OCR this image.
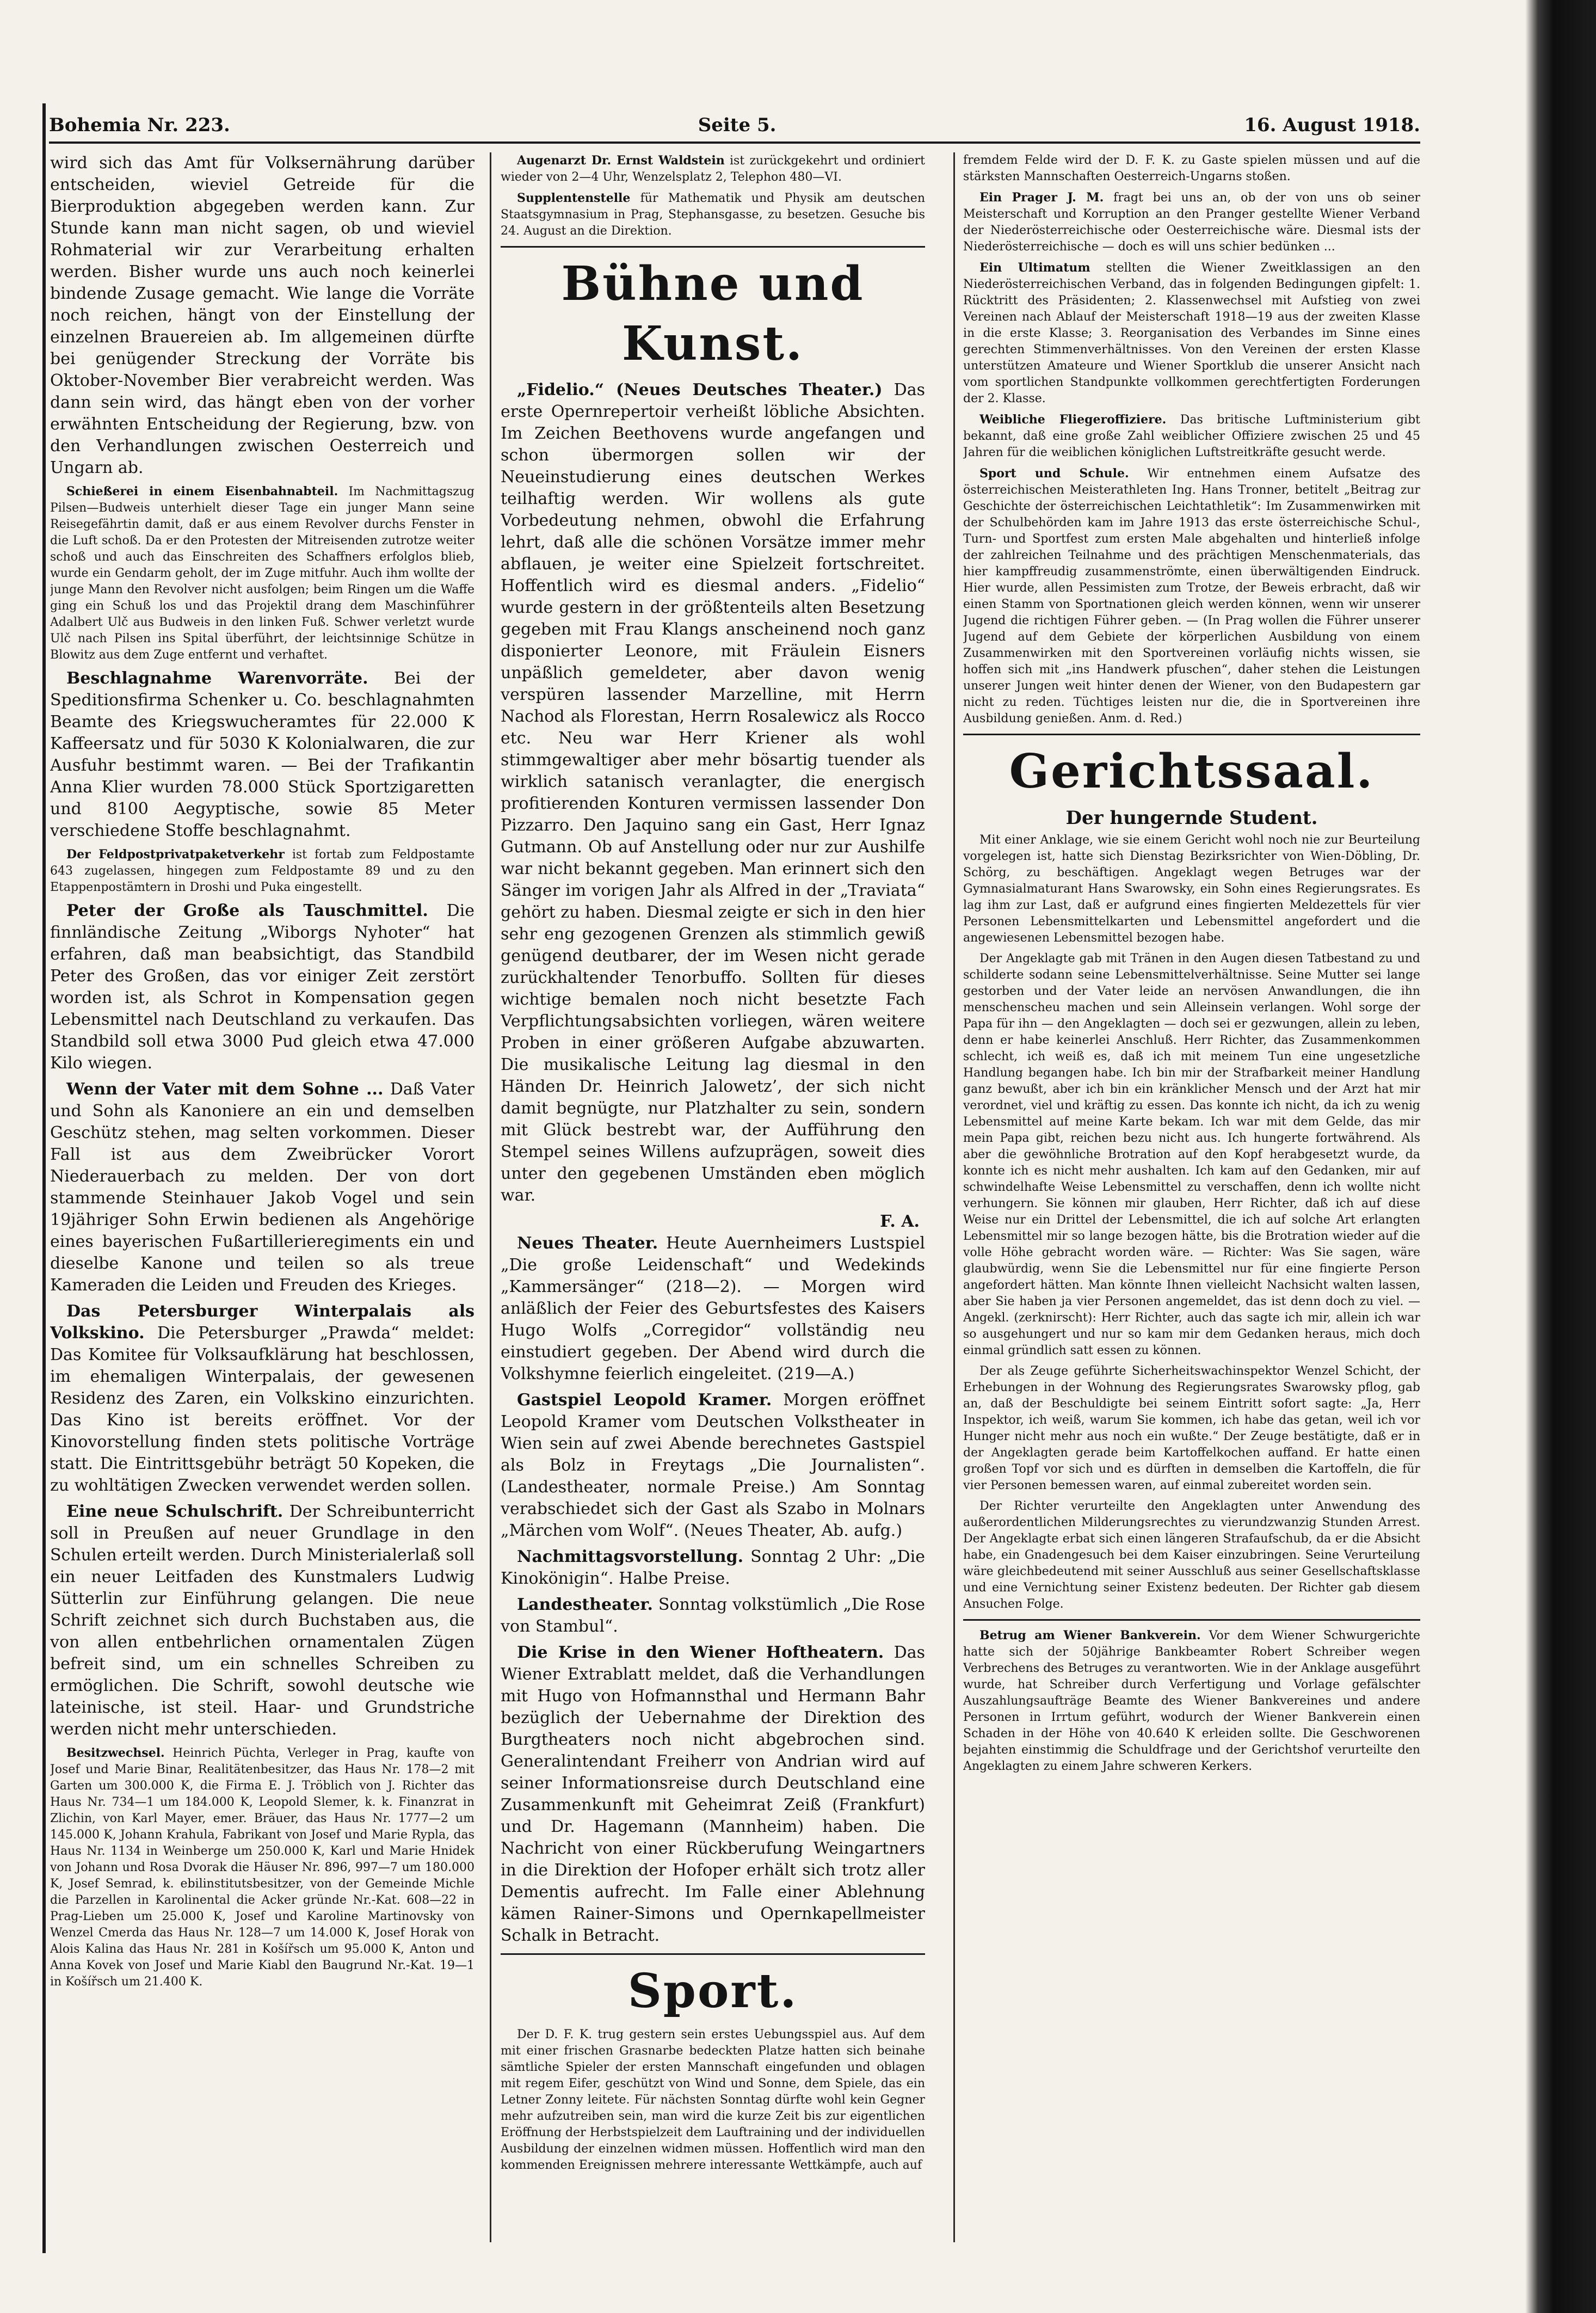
Bohemia Nr. 223.	Seite 5.	16. August 1918.

wird sich das Amt für Volksernährung darüber entscheiden, wieviel Getreide für die Bierproduktion abgegeben werden kann. Zur Stunde kann man nicht sagen, ob und wieviel Rohmaterial wir zur Verarbeitung erhalten werden. Bisher wurde uns auch noch keinerlei bindende Zusage gemacht. Wie lange die Vorräte noch reichen, hängt von der Einstellung der einzelnen Brauereien ab. Im allgemeinen dürfte bei genügender Streckung der Vorräte bis Oktober-November Bier verabreicht werden. Was dann sein wird, das hängt eben von der vorher erwähnten Entscheidung der Regierung, bzw. von den Verhandlungen zwischen Oesterreich und Ungarn ab.

Schießerei in einem Eisenbahnabteil. Im Nachmittagszug Pilsen—Budweis unterhielt dieser Tage ein junger Mann seine Reisegefährtin damit, daß er aus einem Revolver durchs Fenster in die Luft schoß. Da er den Protesten der Mitreisenden zutrotze weiter schoß und auch das Einschreiten des Schaffners erfolglos blieb, wurde ein Gendarm geholt, der im Zuge mitfuhr. Auch ihm wollte der junge Mann den Revolver nicht ausfolgen; beim Ringen um die Waffe ging ein Schuß los und das Projektil drang dem Maschinführer Adalbert Ulč aus Budweis in den linken Fuß. Schwer verletzt wurde Ulč nach Pilsen ins Spital überführt, der leichtsinnige Schütze in Blowitz aus dem Zuge entfernt und verhaftet.

Beschlagnahme Warenvorräte. Bei der Speditionsfirma Schenker u. Co. beschlagnahmten Beamte des Kriegswucheramtes für 22.000 K Kaffeersatz und für 5030 K Kolonialwaren, die zur Ausfuhr bestimmt waren. — Bei der Trafikantin Anna Klier wurden 78.000 Stück Sportzigaretten und 8100 Aegyptische, sowie 85 Meter verschiedene Stoffe beschlagnahmt.

Der Feldpostprivatpaketverkehr ist fortab zum Feldpostamte 643 zugelassen, hingegen zum Feldpostamte 89 und zu den Etappenpostämtern in Droshi und Puka eingestellt.

Peter der Große als Tauschmittel. Die finnländische Zeitung „Wiborgs Nyhoter“ hat erfahren, daß man beabsichtigt, das Standbild Peter des Großen, das vor einiger Zeit zerstört worden ist, als Schrot in Kompensation gegen Lebensmittel nach Deutschland zu verkaufen. Das Standbild soll etwa 3000 Pud gleich etwa 47.000 Kilo wiegen.

Wenn der Vater mit dem Sohne ... Daß Vater und Sohn als Kanoniere an ein und demselben Geschütz stehen, mag selten vorkommen. Dieser Fall ist aus dem Zweibrücker Vorort Niederauerbach zu melden. Der von dort stammende Steinhauer Jakob Vogel und sein 19jähriger Sohn Erwin bedienen als Angehörige eines bayerischen Fußartillerieregiments ein und dieselbe Kanone und teilen so als treue Kameraden die Leiden und Freuden des Krieges.

Das Petersburger Winterpalais als Volkskino. Die Petersburger „Prawda“ meldet: Das Komitee für Volksaufklärung hat beschlossen, im ehemaligen Winterpalais, der gewesenen Residenz des Zaren, ein Volkskino einzurichten. Das Kino ist bereits eröffnet. Vor der Kinovorstellung finden stets politische Vorträge statt. Die Eintrittsgebühr beträgt 50 Kopeken, die zu wohltätigen Zwecken verwendet werden sollen.

Eine neue Schulschrift. Der Schreibunterricht soll in Preußen auf neuer Grundlage in den Schulen erteilt werden. Durch Ministerialerlaß soll ein neuer Leitfaden des Kunstmalers Ludwig Sütterlin zur Einführung gelangen. Die neue Schrift zeichnet sich durch Buchstaben aus, die von allen entbehrlichen ornamentalen Zügen befreit sind, um ein schnelles Schreiben zu ermöglichen. Die Schrift, sowohl deutsche wie lateinische, ist steil. Haar- und Grundstriche werden nicht mehr unterschieden.

Besitzwechsel. Heinrich Püchta, Verleger in Prag, kaufte von Josef und Marie Binar, Realitätenbesitzer, das Haus Nr. 178—2 mit Garten um 300.000 K, die Firma E. J. Tröblich von J. Richter das Haus Nr. 734—1 um 184.000 K, Leopold Slemer, k. k. Finanzrat in Zlichin, von Karl Mayer, emer. Bräuer, das Haus Nr. 1777—2 um 145.000 K, Johann Krahula, Fabrikant von Josef und Marie Rypla, das Haus Nr. 1134 in Weinberge um 250.000 K, Karl und Marie Hnidek von Johann und Rosa Dvorak die Häuser Nr. 896, 997—7 um 180.000 K, Josef Semrad, k. ebilinstitutsbesitzer, von der Gemeinde Michle die Parzellen in Karolinental die Acker gründe Nr.-Kat. 608—22 in Prag-Lieben um 25.000 K, Josef und Karoline Martinovsky von Wenzel Cmerda das Haus Nr. 128—7 um 14.000 K, Josef Horak von Alois Kalina das Haus Nr. 281 in Košířsch um 95.000 K, Anton und Anna Kovek von Josef und Marie Kiabl den Baugrund Nr.-Kat. 19—1 in Košířsch um 21.400 K.

Augenarzt Dr. Ernst Waldstein ist zurückgekehrt und ordiniert wieder von 2—4 Uhr, Wenzelsplatz 2, Telephon 480—VI.

Supplentenstelle für Mathematik und Physik am deutschen Staatsgymnasium in Prag, Stephansgasse, zu besetzen. Gesuche bis 24. August an die Direktion.

Bühne und Kunst.

„Fidelio.“ (Neues Deutsches Theater.) Das erste Opernrepertoir verheißt löbliche Absichten. Im Zeichen Beethovens wurde angefangen und schon übermorgen sollen wir der Neueinstudierung eines deutschen Werkes teilhaftig werden. Wir wollens als gute Vorbedeutung nehmen, obwohl die Erfahrung lehrt, daß alle die schönen Vorsätze immer mehr abflauen, je weiter eine Spielzeit fortschreitet. Hoffentlich wird es diesmal anders. „Fidelio“ wurde gestern in der größtenteils alten Besetzung gegeben mit Frau Klangs anscheinend noch ganz disponierter Leonore, mit Fräulein Eisners unpäßlich gemeldeter, aber davon wenig verspüren lassender Marzelline, mit Herrn Nachod als Florestan, Herrn Rosalewicz als Rocco etc. Neu war Herr Kriener als wohl stimmgewaltiger aber mehr bösartig tuender als wirklich satanisch veranlagter, die energisch profitierenden Konturen vermissen lassender Don Pizzarro. Den Jaquino sang ein Gast, Herr Ignaz Gutmann. Ob auf Anstellung oder nur zur Aushilfe war nicht bekannt gegeben. Man erinnert sich den Sänger im vorigen Jahr als Alfred in der „Traviata“ gehört zu haben. Diesmal zeigte er sich in den hier sehr eng gezogenen Grenzen als stimmlich gewiß genügend deutbarer, der im Wesen nicht gerade zurückhaltender Tenorbuffo. Sollten für dieses wichtige bemalen noch nicht besetzte Fach Verpflichtungsabsichten vorliegen, wären weitere Proben in einer größeren Aufgabe abzuwarten. Die musikalische Leitung lag diesmal in den Händen Dr. Heinrich Jalowetz’, der sich nicht damit begnügte, nur Platzhalter zu sein, sondern mit Glück bestrebt war, der Aufführung den Stempel seines Willens aufzuprägen, soweit dies unter den gegebenen Umständen eben möglich war.

F. A.

Neues Theater. Heute Auernheimers Lustspiel „Die große Leidenschaft“ und Wedekinds „Kammersänger“ (218—2). — Morgen wird anläßlich der Feier des Geburtsfestes des Kaisers Hugo Wolfs „Corregidor“ vollständig neu einstudiert gegeben. Der Abend wird durch die Volkshymne feierlich eingeleitet. (219—A.)

Gastspiel Leopold Kramer. Morgen eröffnet Leopold Kramer vom Deutschen Volkstheater in Wien sein auf zwei Abende berechnetes Gastspiel als Bolz in Freytags „Die Journalisten“. (Landestheater, normale Preise.) Am Sonntag verabschiedet sich der Gast als Szabo in Molnars „Märchen vom Wolf“. (Neues Theater, Ab. aufg.)

Nachmittagsvorstellung. Sonntag 2 Uhr: „Die Kinokönigin“. Halbe Preise.

Landestheater. Sonntag volkstümlich „Die Rose von Stambul“.

Die Krise in den Wiener Hoftheatern. Das Wiener Extrablatt meldet, daß die Verhandlungen mit Hugo von Hofmannsthal und Hermann Bahr bezüglich der Uebernahme der Direktion des Burgtheaters noch nicht abgebrochen sind. Generalintendant Freiherr von Andrian wird auf seiner Informationsreise durch Deutschland eine Zusammenkunft mit Geheimrat Zeiß (Frankfurt) und Dr. Hagemann (Mannheim) haben. Die Nachricht von einer Rückberufung Weingartners in die Direktion der Hofoper erhält sich trotz aller Dementis aufrecht. Im Falle einer Ablehnung kämen Rainer-Simons und Opernkapellmeister Schalk in Betracht.

Sport.

Der D. F. K. trug gestern sein erstes Uebungsspiel aus. Auf dem mit einer frischen Grasnarbe bedeckten Platze hatten sich beinahe sämtliche Spieler der ersten Mannschaft eingefunden und oblagen mit regem Eifer, geschützt von Wind und Sonne, dem Spiele, das ein Letner Zonny leitete. Für nächsten Sonntag dürfte wohl kein Gegner mehr aufzutreiben sein, man wird die kurze Zeit bis zur eigentlichen Eröffnung der Herbstspielzeit dem Lauftraining und der individuellen Ausbildung der einzelnen widmen müssen. Hoffentlich wird man den kommenden Ereignissen mehrere interessante Wettkämpfe, auch auf

fremdem Felde wird der D. F. K. zu Gaste spielen müssen und auf die stärksten Mannschaften Oesterreich-Ungarns stoßen.

Ein Prager J. M. fragt bei uns an, ob der von uns ob seiner Meisterschaft und Korruption an den Pranger gestellte Wiener Verband der Niederösterreichische oder Oesterreichische wäre. Diesmal ists der Niederösterreichische — doch es will uns schier bedünken ...

Ein Ultimatum stellten die Wiener Zweitklassigen an den Niederösterreichischen Verband, das in folgenden Bedingungen gipfelt: 1. Rücktritt des Präsidenten; 2. Klassenwechsel mit Aufstieg von zwei Vereinen nach Ablauf der Meisterschaft 1918—19 aus der zweiten Klasse in die erste Klasse; 3. Reorganisation des Verbandes im Sinne eines gerechten Stimmenverhältnisses. Von den Vereinen der ersten Klasse unterstützen Amateure und Wiener Sportklub die unserer Ansicht nach vom sportlichen Standpunkte vollkommen gerechtfertigten Forderungen der 2. Klasse.

Weibliche Fliegeroffiziere. Das britische Luftministerium gibt bekannt, daß eine große Zahl weiblicher Offiziere zwischen 25 und 45 Jahren für die weiblichen königlichen Luftstreitkräfte gesucht werde.

Sport und Schule. Wir entnehmen einem Aufsatze des österreichischen Meisterathleten Ing. Hans Tronner, betitelt „Beitrag zur Geschichte der österreichischen Leichtathletik“: Im Zusammenwirken mit der Schulbehörden kam im Jahre 1913 das erste österreichische Schul-, Turn- und Sportfest zum ersten Male abgehalten und hinterließ infolge der zahlreichen Teilnahme und des prächtigen Menschenmaterials, das hier kampffreudig zusammenströmte, einen überwältigenden Eindruck. Hier wurde, allen Pessimisten zum Trotze, der Beweis erbracht, daß wir einen Stamm von Sportnationen gleich werden können, wenn wir unserer Jugend die richtigen Führer geben. — (In Prag wollen die Führer unserer Jugend auf dem Gebiete der körperlichen Ausbildung von einem Zusammenwirken mit den Sportvereinen vorläufig nichts wissen, sie hoffen sich mit „ins Handwerk pfuschen“, daher stehen die Leistungen unserer Jungen weit hinter denen der Wiener, von den Budapestern gar nicht zu reden. Tüchtiges leisten nur die, die in Sportvereinen ihre Ausbildung genießen. Anm. d. Red.)

Gerichtssaal.
Der hungernde Student.

Mit einer Anklage, wie sie einem Gericht wohl noch nie zur Beurteilung vorgelegen ist, hatte sich Dienstag Bezirksrichter von Wien-Döbling, Dr. Schörg, zu beschäftigen. Angeklagt wegen Betruges war der Gymnasialmaturant Hans Swarowsky, ein Sohn eines Regierungsrates. Es lag ihm zur Last, daß er aufgrund eines fingierten Meldezettels für vier Personen Lebensmittelkarten und Lebensmittel angefordert und die angewiesenen Lebensmittel bezogen habe.

Der Angeklagte gab mit Tränen in den Augen diesen Tatbestand zu und schilderte sodann seine Lebensmittelverhältnisse. Seine Mutter sei lange gestorben und der Vater leide an nervösen Anwandlungen, die ihn menschenscheu machen und sein Alleinsein verlangen. Wohl sorge der Papa für ihn — den Angeklagten — doch sei er gezwungen, allein zu leben, denn er habe keinerlei Anschluß. Herr Richter, das Zusammenkommen schlecht, ich weiß es, daß ich mit meinem Tun eine ungesetzliche Handlung begangen habe. Ich bin mir der Strafbarkeit meiner Handlung ganz bewußt, aber ich bin ein kränklicher Mensch und der Arzt hat mir verordnet, viel und kräftig zu essen. Das konnte ich nicht, da ich zu wenig Lebensmittel auf meine Karte bekam. Ich war mit dem Gelde, das mir mein Papa gibt, reichen bezu nicht aus. Ich hungerte fortwährend. Als aber die gewöhnliche Brotration auf den Kopf herabgesetzt wurde, da konnte ich es nicht mehr aushalten. Ich kam auf den Gedanken, mir auf schwindelhafte Weise Lebensmittel zu verschaffen, denn ich wollte nicht verhungern. Sie können mir glauben, Herr Richter, daß ich auf diese Weise nur ein Drittel der Lebensmittel, die ich auf solche Art erlangten Lebensmittel mir so lange bezogen hätte, bis die Brotration wieder auf die volle Höhe gebracht worden wäre. — Richter: Was Sie sagen, wäre glaubwürdig, wenn Sie die Lebensmittel nur für eine fingierte Person angefordert hätten. Man könnte Ihnen vielleicht Nachsicht walten lassen, aber Sie haben ja vier Personen angemeldet, das ist denn doch zu viel. — Angekl. (zerknirscht): Herr Richter, auch das sagte ich mir, allein ich war so ausgehungert und nur so kam mir dem Gedanken heraus, mich doch einmal gründlich satt essen zu können.

Der als Zeuge geführte Sicherheitswachinspektor Wenzel Schicht, der Erhebungen in der Wohnung des Regierungsrates Swarowsky pflog, gab an, daß der Beschuldigte bei seinem Eintritt sofort sagte: „Ja, Herr Inspektor, ich weiß, warum Sie kommen, ich habe das getan, weil ich vor Hunger nicht mehr aus noch ein wußte.“ Der Zeuge bestätigte, daß er in der Angeklagten gerade beim Kartoffelkochen auffand. Er hatte einen großen Topf vor sich und es dürften in demselben die Kartoffeln, die für vier Personen bemessen waren, auf einmal zubereitet worden sein.

Der Richter verurteilte den Angeklagten unter Anwendung des außerordentlichen Milderungsrechtes zu vierundzwanzig Stunden Arrest. Der Angeklagte erbat sich einen längeren Strafaufschub, da er die Absicht habe, ein Gnadengesuch bei dem Kaiser einzubringen. Seine Verurteilung wäre gleichbedeutend mit seiner Ausschluß aus seiner Gesellschaftsklasse und eine Vernichtung seiner Existenz bedeuten. Der Richter gab diesem Ansuchen Folge.

Betrug am Wiener Bankverein. Vor dem Wiener Schwurgerichte hatte sich der 50jährige Bankbeamter Robert Schreiber wegen Verbrechens des Betruges zu verantworten. Wie in der Anklage ausgeführt wurde, hat Schreiber durch Verfertigung und Vorlage gefälschter Auszahlungsaufträge Beamte des Wiener Bankvereines und andere Personen in Irrtum geführt, wodurch der Wiener Bankverein einen Schaden in der Höhe von 40.640 K erleiden sollte. Die Geschworenen bejahten einstimmig die Schuldfrage und der Gerichtshof verurteilte den Angeklagten zu einem Jahre schweren Kerkers.
